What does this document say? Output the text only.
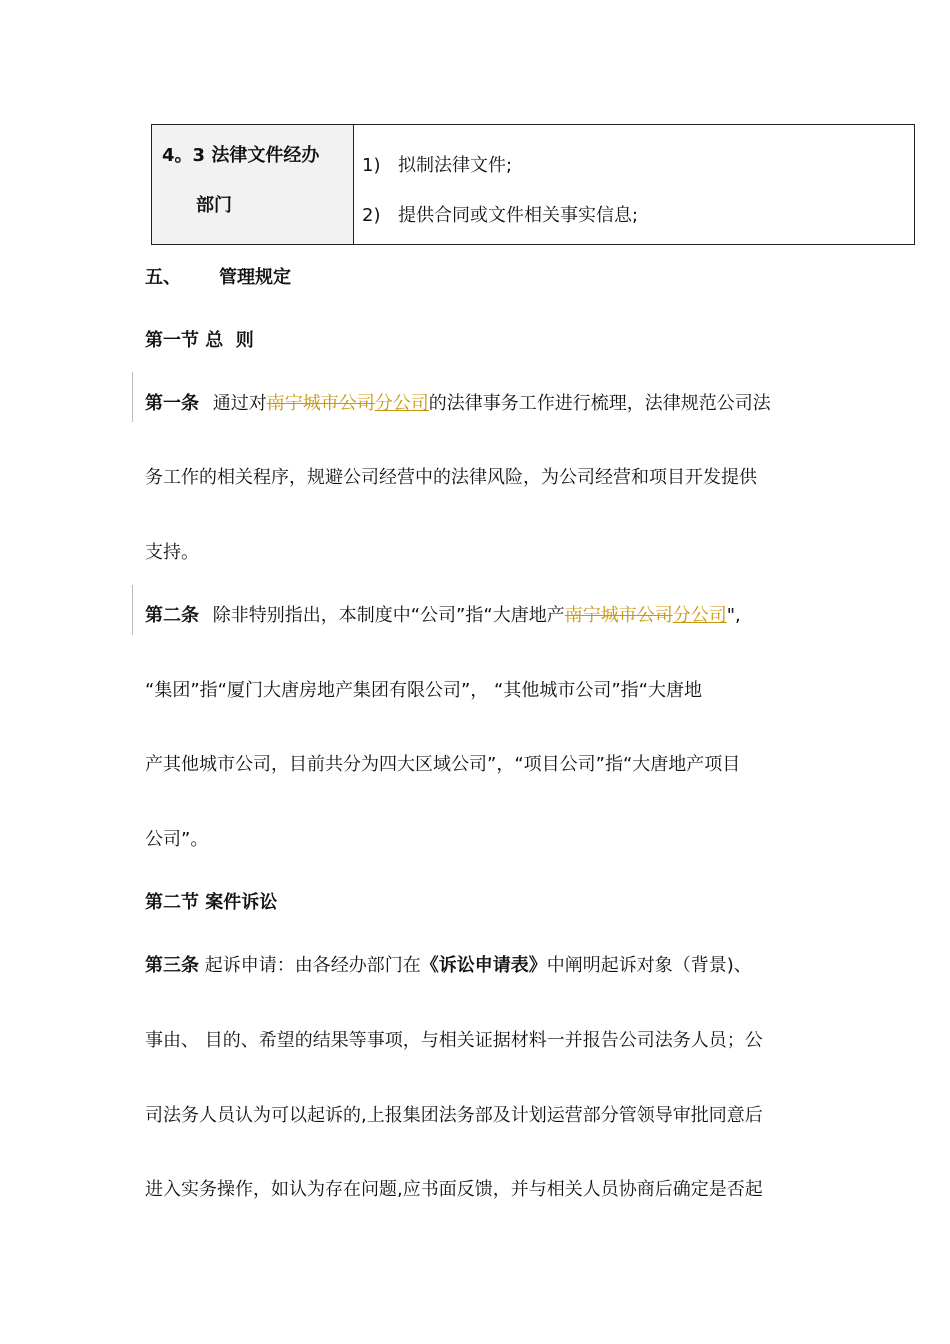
4。3 法律文件经办
部门
1) 拟制法律文件;
2) 提供合同或文件相关事实信息;
五、 管理规定
第一节 总  则
第一条 通过对南宁城市公司分公司的法律事务工作进行梳理，法律规范公司法
务工作的相关程序，规避公司经营中的法律风险，为公司经营和项目开发提供
支持。
第二条 除非特别指出，本制度中“公司”指“大唐地产南宁城市公司分公司",
“集团”指“厦门大唐房地产集团有限公司”， “其他城市公司”指“大唐地
产其他城市公司，目前共分为四大区域公司”，“项目公司”指“大唐地产项目
公司”。
第二节 案件诉讼
第三条 起诉申请：由各经办部门在《诉讼申请表》中阐明起诉对象（背景)、
事由、 目的、希望的结果等事项，与相关证据材料一并报告公司法务人员；公
司法务人员认为可以起诉的,上报集团法务部及计划运营部分管领导审批同意后
进入实务操作，如认为存在问题,应书面反馈，并与相关人员协商后确定是否起
